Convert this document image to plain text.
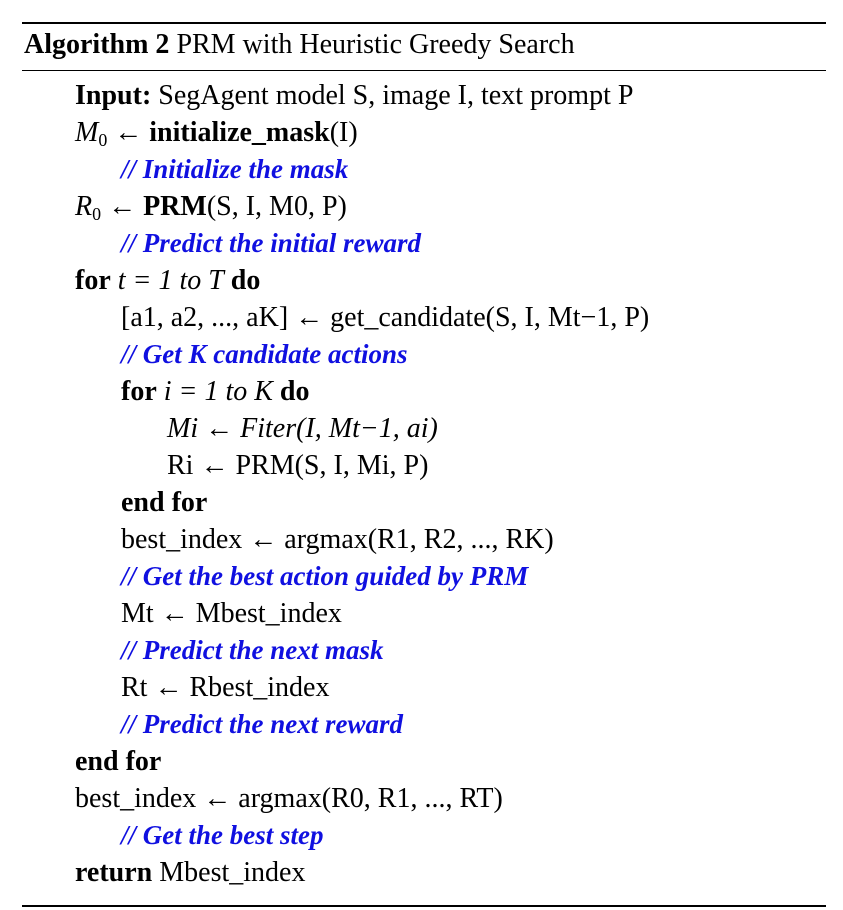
Algorithm 2 PRM with Heuristic Greedy Search
Input: SegAgent model S, image I, text prompt P
$M_0$ ← initialize_mask(I)
// Initialize the mask
$R_0$ ← PRM(S, I, M0, P)
// Predict the initial reward
for t = 1 to T do
[a1, a2, ..., aK] ← get_candidate(S, I, Mt−1, P)
// Get K candidate actions
for i = 1 to K do
Mi ← Fiter(I, Mt−1, ai)
Ri ← PRM(S, I, Mi, P)
end for
best_index ← argmax(R1, R2, ..., RK)
// Get the best action guided by PRM
Mt ← Mbest_index
// Predict the next mask
Rt ← Rbest_index
// Predict the next reward
end for
best_index ← argmax(R0, R1, ..., RT)
// Get the best step
return Mbest_index
